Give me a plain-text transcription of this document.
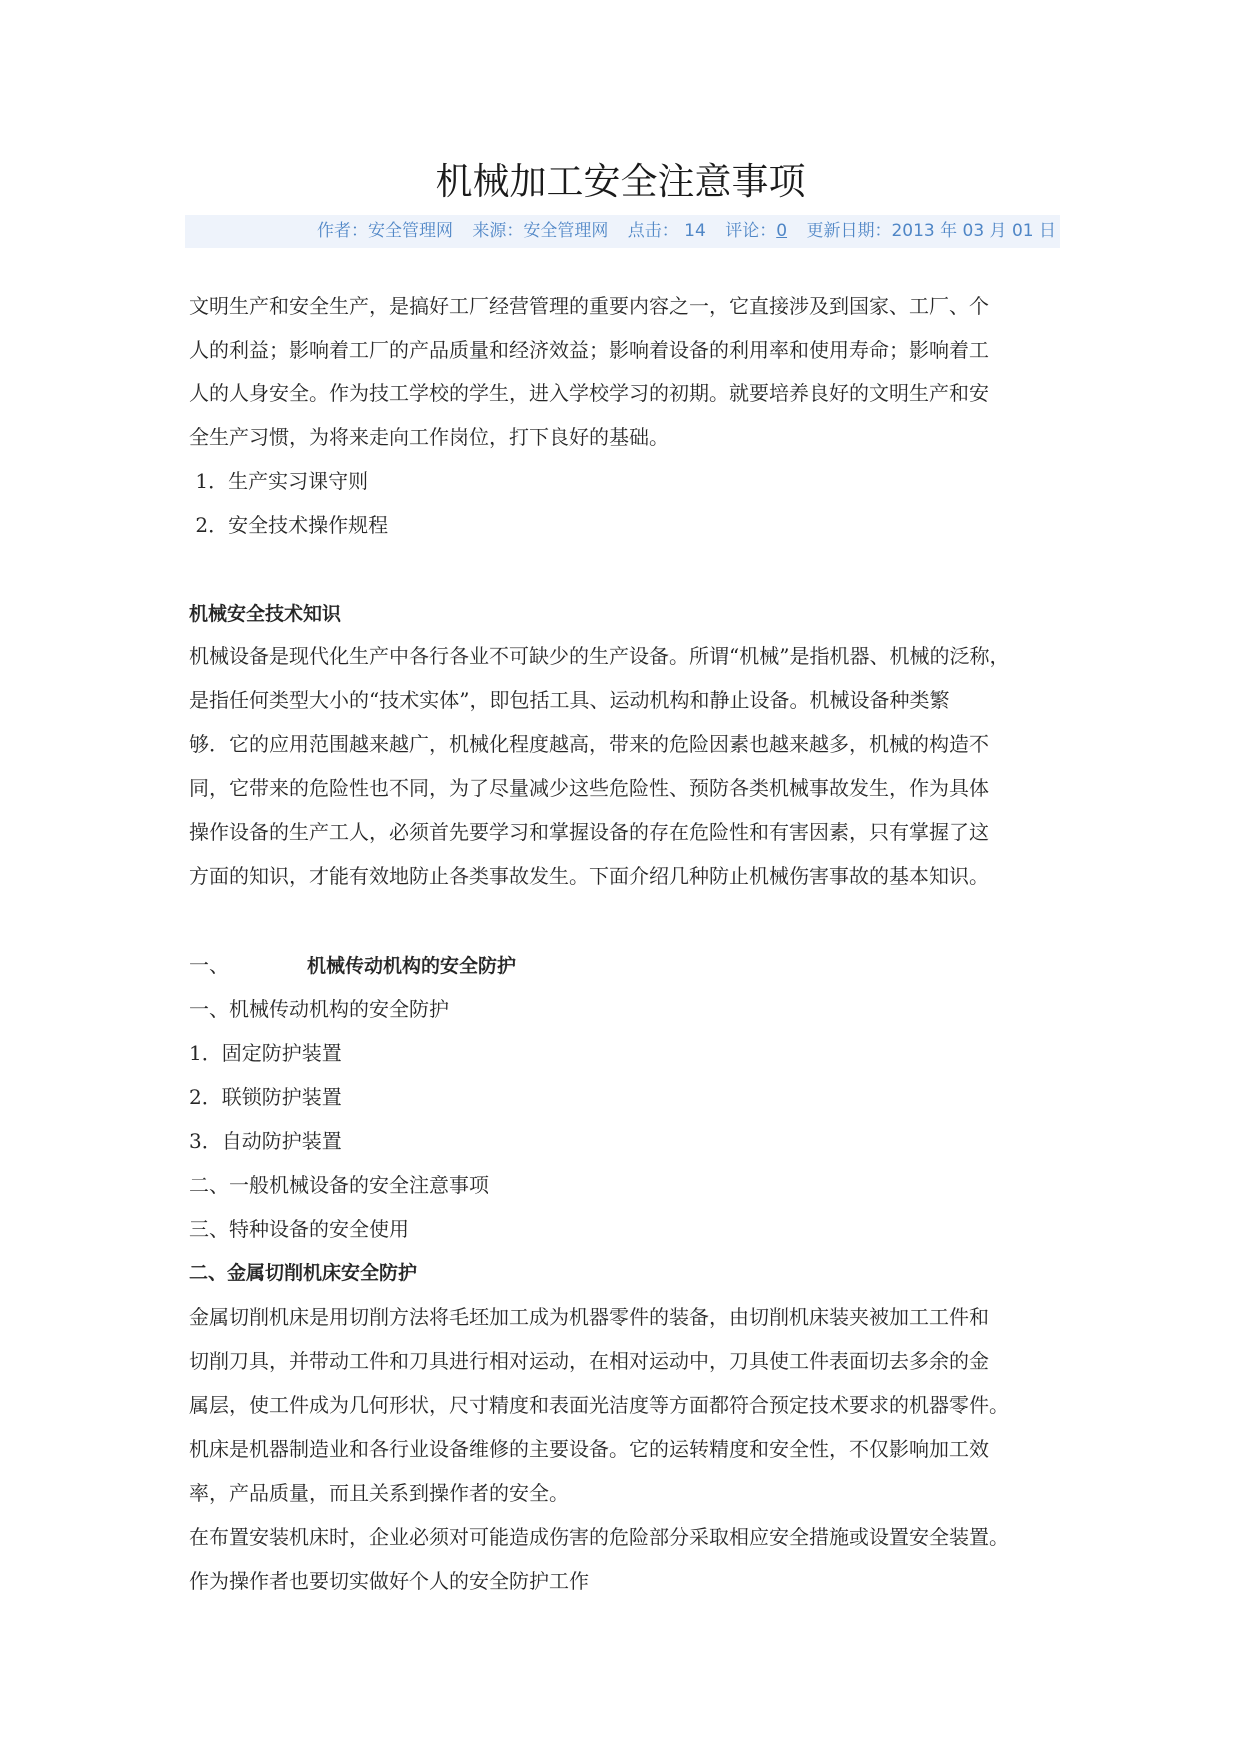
机械加工安全注意事项
作者：安全管理网 来源：安全管理网 点击： 14 评论：0 更新日期：2013 年 03 月 01 日
文明生产和安全生产，是搞好工厂经营管理的重要内容之一，它直接涉及到国家、工厂、个
人的利益；影响着工厂的产品质量和经济效益；影响着设备的利用率和使用寿命；影响着工
人的人身安全。作为技工学校的学生，进入学校学习的初期。就要培养良好的文明生产和安
全生产习惯，为将来走向工作岗位，打下良好的基础。
1．生产实习课守则
2．安全技术操作规程
机械安全技术知识
机械设备是现代化生产中各行各业不可缺少的生产设备。所谓“机械”是指机器、机械的泛称，
是指任何类型大小的“技术实体”，即包括工具、运动机构和静止设备。机械设备种类繁
够．它的应用范围越来越广，机械化程度越高，带来的危险因素也越来越多，机械的构造不
同，它带来的危险性也不同，为了尽量减少这些危险性、预防各类机械事故发生，作为具体
操作设备的生产工人，必须首先要学习和掌握设备的存在危险性和有害因素，只有掌握了这
方面的知识，才能有效地防止各类事故发生。下面介绍几种防止机械伤害事故的基本知识。
一、	机械传动机构的安全防护
一、机械传动机构的安全防护
1．固定防护装置
2．联锁防护装置
3．自动防护装置
二、一般机械设备的安全注意事项
三、特种设备的安全使用
二、金属切削机床安全防护
金属切削机床是用切削方法将毛坯加工成为机器零件的装备，由切削机床装夹被加工工件和
切削刀具，并带动工件和刀具进行相对运动，在相对运动中，刀具使工件表面切去多余的金
属层，使工件成为几何形状，尺寸精度和表面光洁度等方面都符合预定技术要求的机器零件。
机床是机器制造业和各行业设备维修的主要设备。它的运转精度和安全性，不仅影响加工效
率，产品质量，而且关系到操作者的安全。
在布置安装机床时，企业必须对可能造成伤害的危险部分采取相应安全措施或设置安全装置。
作为操作者也要切实做好个人的安全防护工作
